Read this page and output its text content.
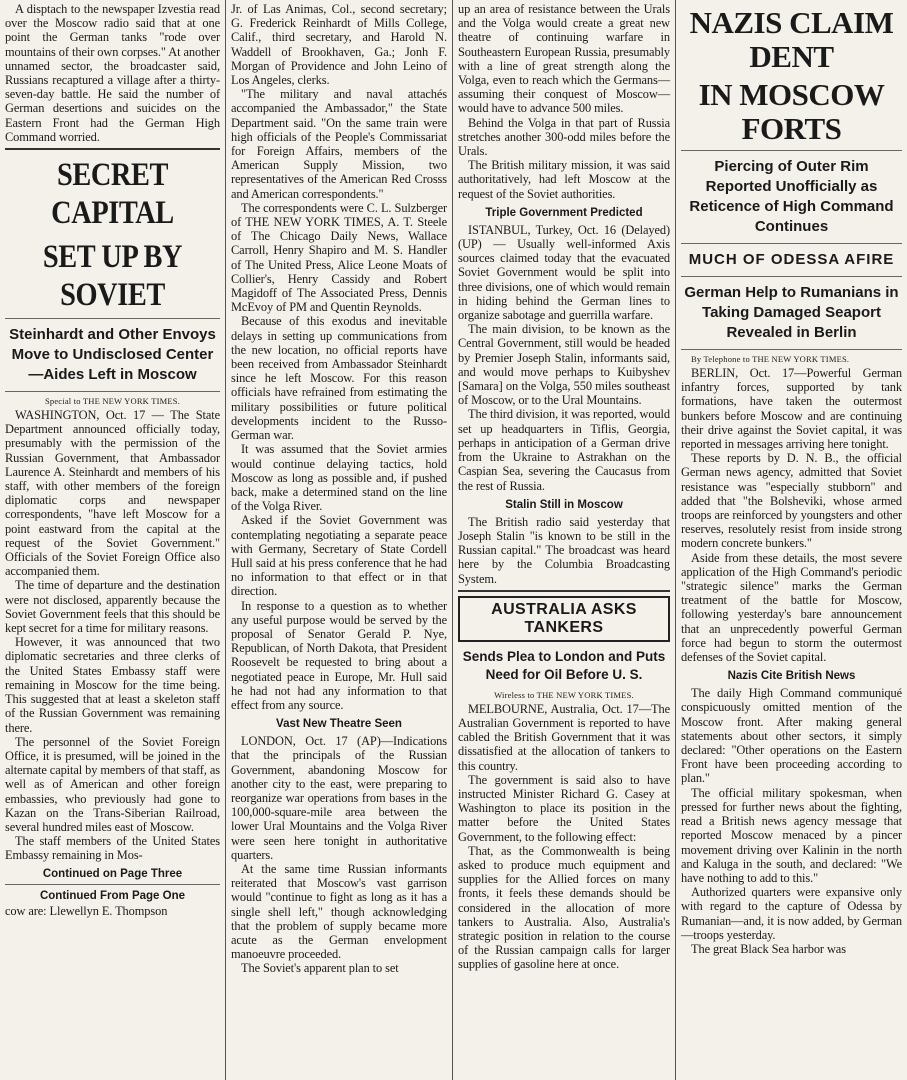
A disptach to the newspaper Izvestia read over the Moscow radio said that at one point the German tanks "rode over mountains of their own corpses." At another unnamed sector, the broadcaster said, Russians recaptured a village after a thirty-seven-day battle. He said the number of German desertions and suicides on the Eastern Front had the German High Command worried.

SECRET CAPITAL
SET UP BY SOVIET
Steinhardt and Other Envoys Move to Undisclosed Center —Aides Left in Moscow
Special to THE NEW YORK TIMES.

WASHINGTON, Oct. 17 — The State Department announced officially today, presumably with the permission of the Russian Government, that Ambassador Laurence A. Steinhardt and members of his staff, with other members of the foreign diplomatic corps and newspaper correspondents, "have left Moscow for a point eastward from the capital at the request of the Soviet Government." Officials of the Soviet Foreign Office also accompanied them.

The time of departure and the destination were not disclosed, apparently because the Soviet Government feels that this should be kept secret for a time for military reasons.

However, it was announced that two diplomatic secretaries and three clerks of the United States Embassy staff were remaining in Moscow for the time being. This suggested that at least a skeleton staff of the Russian Government was remaining there.

The personnel of the Soviet Foreign Office, it is presumed, will be joined in the alternate capital by members of that staff, as well as of American and other foreign embassies, who previously had gone to Kazan on the Trans-Siberian Railroad, several hundred miles east of Moscow.

The staff members of the United States Embassy remaining in Mos-

Continued on Page Three
Continued From Page One

cow are: Llewellyn E. Thompson

Jr. of Las Animas, Col., second secretary; G. Frederick Reinhardt of Mills College, Calif., third secretary, and Harold N. Waddell of Brookhaven, Ga.; Jonh F. Morgan of Providence and John Leino of Los Angeles, clerks.

"The military and naval attachés accompanied the Ambassador," the State Department said. "On the same train were high officials of the People's Commissariat for Foreign Affairs, members of the American Supply Mission, two representatives of the American Red Crosss and American correspondents."

The correspondents were C. L. Sulzberger of THE NEW YORK TIMES, A. T. Steele of The Chicago Daily News, Wallace Carroll, Henry Shapiro and M. S. Handler of The United Press, Alice Leone Moats of Collier's, Henry Cassidy and Robert Magidoff of The Associated Press, Dennis McEvoy of PM and Quentin Reynolds.

Because of this exodus and inevitable delays in setting up communications from the new location, no official reports have been received from Ambassador Steinhardt since he left Moscow. For this reason officials have refrained from estimating the military possibilities or future political developments incident to the Russo-German war.

It was assumed that the Soviet armies would continue delaying tactics, hold Moscow as long as possible and, if pushed back, make a determined stand on the line of the Volga River.

Asked if the Soviet Government was contemplating negotiating a separate peace with Germany, Secretary of State Cordell Hull said at his press conference that he had no information to that effect or in that direction.

In response to a question as to whether any useful purpose would be served by the proposal of Senator Gerald P. Nye, Republican, of North Dakota, that President Roosevelt be requested to bring about a negotiated peace in Europe, Mr. Hull said he had not had any information to that effect from any source.

Vast New Theatre Seen

LONDON, Oct. 17 (AP)—Indications that the principals of the Russian Government, abandoning Moscow for another city to the east, were preparing to reorganize war operations from bases in the 100,000-square-mile area between the lower Ural Mountains and the Volga River were seen here tonight in authoritative quarters.

At the same time Russian informants reiterated that Moscow's vast garrison would "continue to fight as long as it has a single shell left," though acknowledging that the problem of supply became more acute as the German envelopment manoeuvre proceeded.

The Soviet's apparent plan to set

up an area of resistance between the Urals and the Volga would create a great new theatre of continuing warfare in Southeastern European Russia, presumably with a line of great strength along the Volga, even to reach which the Germans—assuming their conquest of Moscow—would have to advance 500 miles.

Behind the Volga in that part of Russia stretches another 300-odd miles before the Urals.

The British military mission, it was said authoritatively, had left Moscow at the request of the Soviet authorities.

Triple Government Predicted

ISTANBUL, Turkey, Oct. 16 (Delayed) (UP) — Usually well-informed Axis sources claimed today that the evacuated Soviet Government would be split into three divisions, one of which would remain in hiding behind the German lines to organize sabotage and guerrilla warfare.

The main division, to be known as the Central Government, still would be headed by Premier Joseph Stalin, informants said, and would move perhaps to Kuibyshev [Samara] on the Volga, 550 miles southeast of Moscow, or to the Ural Mountains.

The third division, it was reported, would set up headquarters in Tiflis, Georgia, perhaps in anticipation of a German drive from the Ukraine to Astrakhan on the Caspian Sea, severing the Caucasus from the rest of Russia.

Stalin Still in Moscow

The British radio said yesterday that Joseph Stalin "is known to be still in the Russian capital." The broadcast was heard here by the Columbia Broadcasting System.

AUSTRALIA ASKS TANKERS
Sends Plea to London and Puts Need for Oil Before U. S.
Wireless to THE NEW YORK TIMES.

MELBOURNE, Australia, Oct. 17—The Australian Government is reported to have cabled the British Government that it was dissatisfied at the allocation of tankers to this country.

The government is said also to have instructed Minister Richard G. Casey at Washington to place its position in the matter before the United States Government, to the following effect:

That, as the Commonwealth is being asked to produce much equipment and supplies for the Allied forces on many fronts, it feels these demands should be considered in the allocation of more tankers to Australia. Also, Australia's strategic position in relation to the course of the Russian campaign calls for larger supplies of gasoline here at once.

NAZIS CLAIM DENT
IN MOSCOW FORTS
Piercing of Outer Rim Reported Unofficially as Reticence of High Command Continues
MUCH OF ODESSA AFIRE
German Help to Rumanians in Taking Damaged Seaport Revealed in Berlin
By Telephone to THE NEW YORK TIMES.

BERLIN, Oct. 17—Powerful German infantry forces, supported by tank formations, have taken the outermost bunkers before Moscow and are continuing their drive against the Soviet capital, it was reported in messages arriving here tonight.

These reports by D. N. B., the official German news agency, admitted that Soviet resistance was "especially stubborn" and added that "the Bolsheviki, whose armed troops are reinforced by youngsters and other reserves, resolutely resist from inside strong modern concrete bunkers."

Aside from these details, the most severe application of the High Command's periodic "strategic silence" marks the German treatment of the battle for Moscow, following yesterday's bare announcement that an unprecedently powerful German force had begun to storm the outermost defenses of the Soviet capital.

Nazis Cite British News

The daily High Command communiqué conspicuously omitted mention of the Moscow front. After making general statements about other sectors, it simply declared: "Other operations on the Eastern Front have been proceeding according to plan."

The official military spokesman, when pressed for further news about the fighting, read a British news agency message that reported Moscow menaced by a pincer movement driving over Kalinin in the north and Kaluga in the south, and declared: "We have nothing to add to this."

Authorized quarters were expansive only with regard to the capture of Odessa by Rumanian—and, it is now added, by German—troops yesterday.

The great Black Sea harbor was
